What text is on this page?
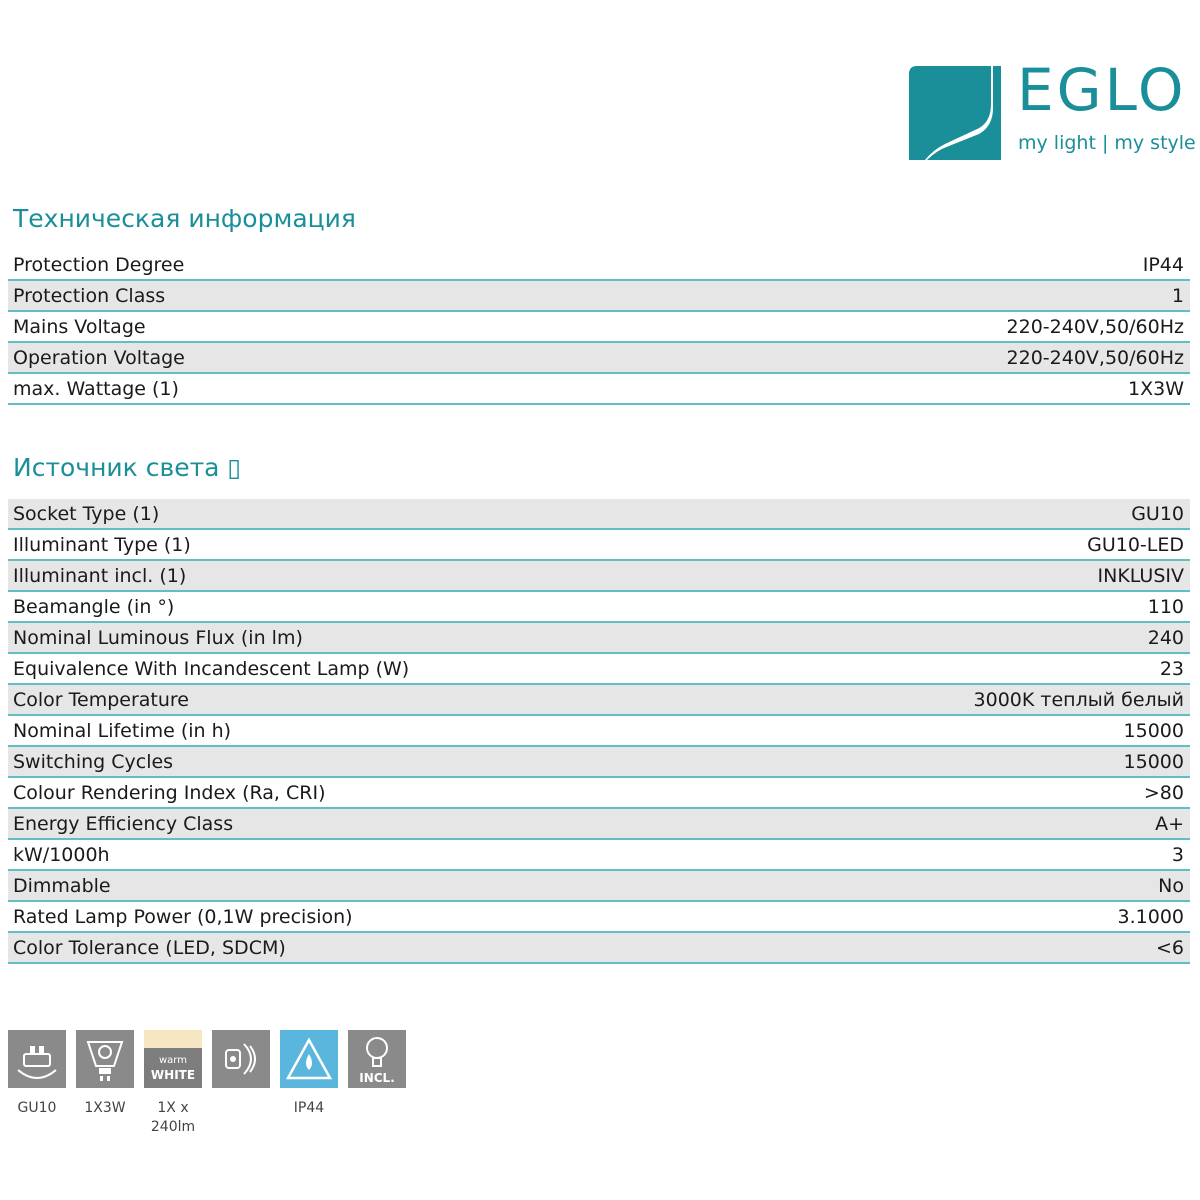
EGLO
my light | my style
Техническая информация
Protection Degree	IP44
Protection Class	1
Mains Voltage	220-240V,50/60Hz
Operation Voltage	220-240V,50/60Hz
max. Wattage (1)	1X3W
Источник света ▯
Socket Type (1)	GU10
Illuminant Type (1)	GU10-LED
Illuminant incl. (1)	INKLUSIV
Beamangle (in °)	110
Nominal Luminous Flux (in lm)	240
Equivalence With Incandescent Lamp (W)	23
Color Temperature	3000K теплый белый
Nominal Lifetime (in h)	15000
Switching Cycles	15000
Colour Rendering Index (Ra, CRI)	>80
Energy Efficiency Class	A+
kW/1000h	3
Dimmable	No
Rated Lamp Power (0,1W precision)	3.1000
Color Tolerance (LED, SDCM)	<6
GU10 1X3W
warm
WHITE
1X x
240lm
IP44
INCL.
